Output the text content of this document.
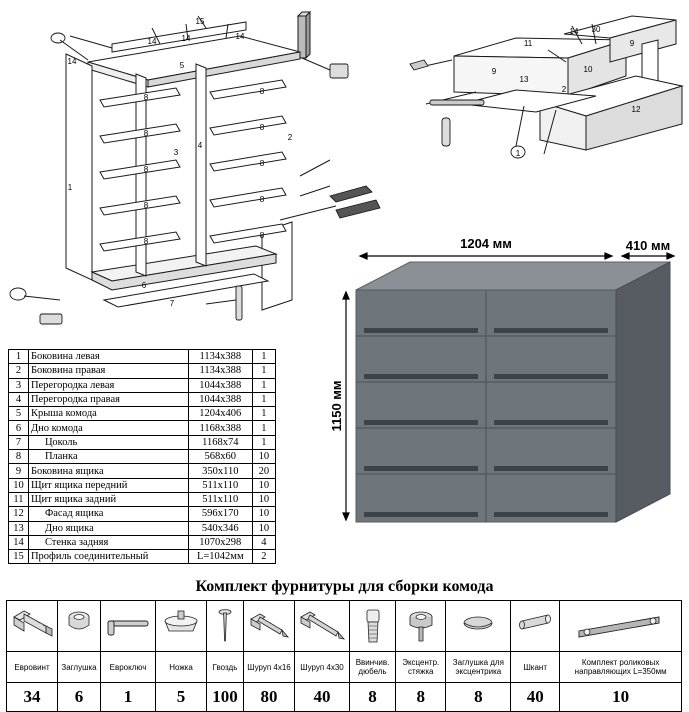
15
14	14	14
14	5
1
3
4
2
6
7
8
8
8
8
8
8
8
8
8
8
11
14 30
9
9
13
10
2
12
1
1	Боковина левая	1134х388	1
2	Боковина правая	1134х388	1
3	Перегородка левая	1044х388	1
4	Перегородка правая	1044х388	1
5	Крыша комода	1204х406	1
6	Дно комода	1168х388	1
7	Цоколь	1168х74	1
8	Планка	568х60	10
9	Боковина ящика	350х110	20
10	Щит ящика передний	511х110	10
11	Щит ящика задний	511х110	10
12	Фасад ящика	596х170	10
13	Дно ящика	540х346	10
14	Стенка задняя	1070х298	4
15	Профиль соединительный	L=1042мм	2
1204 мм	410 мм
1150 мм
Комплект фурнитуры для сборки комода

Евровинт	Заглушка	Евроключ	Ножка	Гвоздь	Шуруп 4х16	Шуруп 4х30	Ввинчив. дюбель	Эксцентр. стяжка	Заглушка для эксцентрика	Шкант	Комплект роликовых направляющих L=350мм
34	6	1	5	100	80	40	8	8	8	40	10
